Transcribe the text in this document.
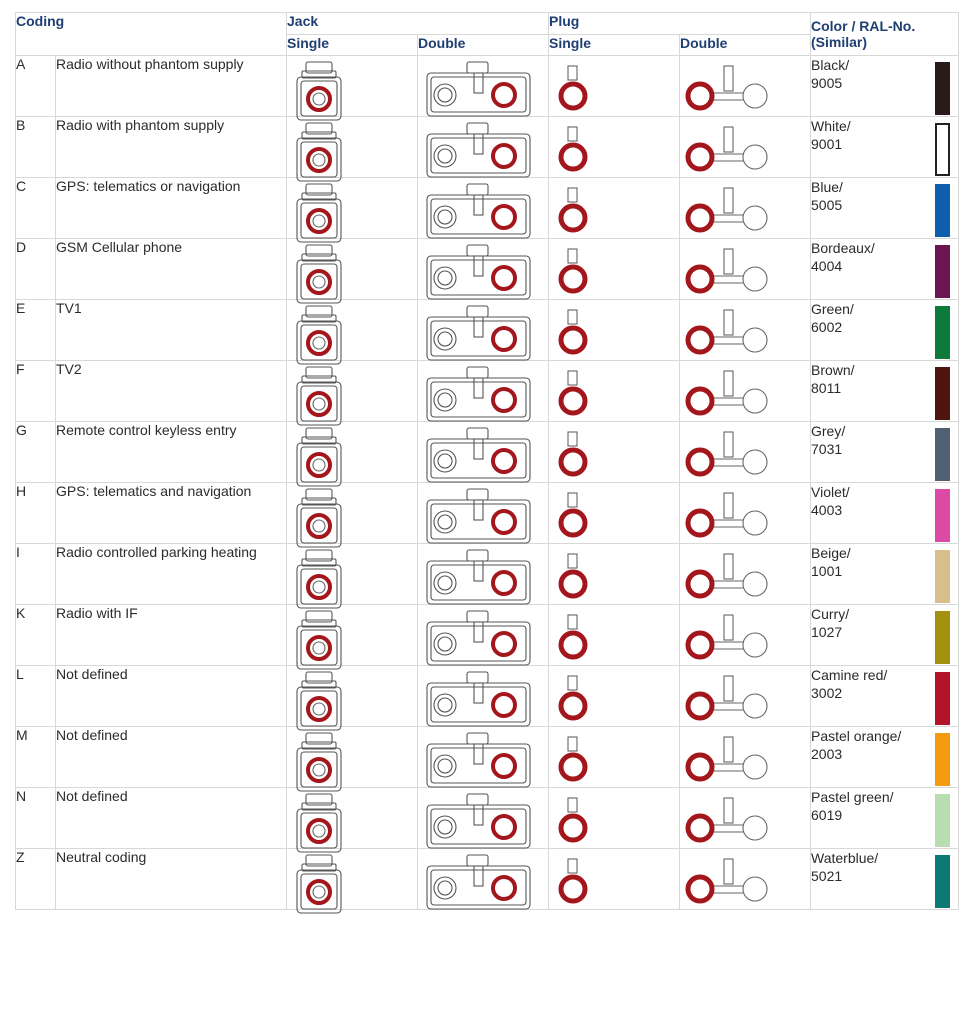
Coding		Jack		Plug		Color / RAL-No.
(Similar)

		Single	Double	Single	Double	
A	Radio without phantom supply					Black/
9005

B	Radio with phantom supply					White/
9001

C	GPS: telematics or navigation					Blue/
5005

D	GSM Cellular phone					Bordeaux/
4004

E	TV1					Green/
6002

F	TV2					Brown/
8011

G	Remote control keyless entry					Grey/
7031

H	GPS: telematics and navigation					Violet/
4003

I	Radio controlled parking heating					Beige/
1001

K	Radio with IF					Curry/
1027

L	Not defined					Camine red/
3002

M	Not defined					Pastel orange/
2003

N	Not defined					Pastel green/
6019

Z	Neutral coding					Waterblue/
5021
